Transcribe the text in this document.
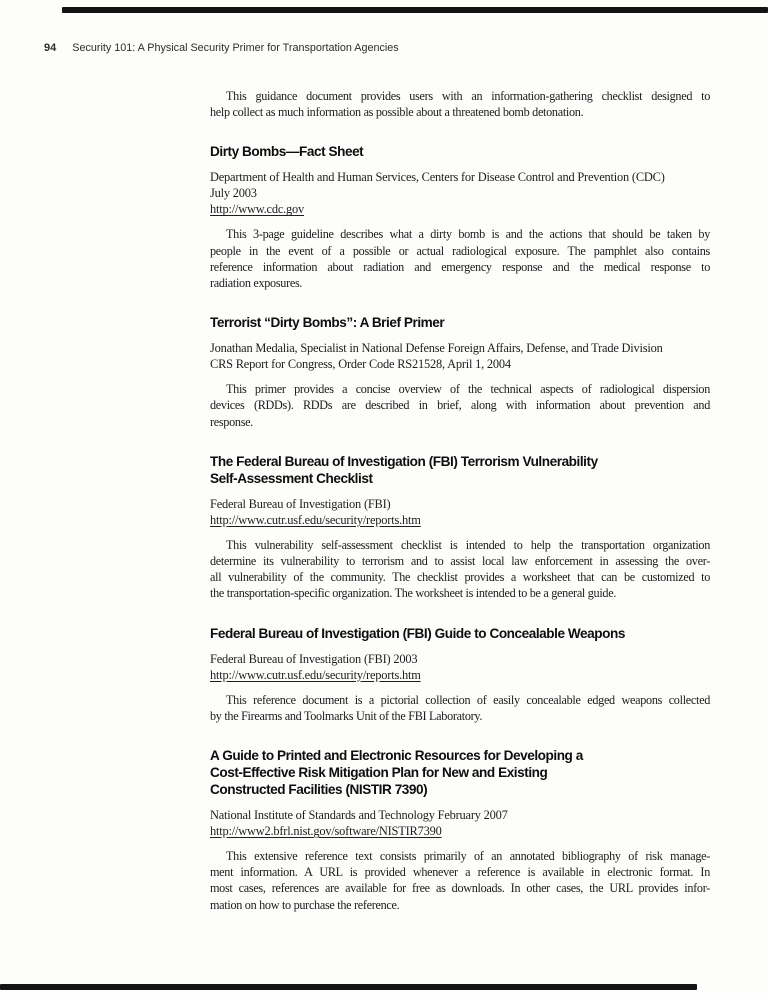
94 Security 101: A Physical Security Primer for Transportation Agencies
This guidance document provides users with an information-gathering checklist designed to
help collect as much information as possible about a threatened bomb detonation.
Dirty Bombs—Fact Sheet
Department of Health and Human Services, Centers for Disease Control and Prevention (CDC)
July 2003
http://www.cdc.gov
This 3-page guideline describes what a dirty bomb is and the actions that should be taken by
people in the event of a possible or actual radiological exposure. The pamphlet also contains
reference information about radiation and emergency response and the medical response to
radiation exposures.
Terrorist “Dirty Bombs”: A Brief Primer
Jonathan Medalia, Specialist in National Defense Foreign Affairs, Defense, and Trade Division
CRS Report for Congress, Order Code RS21528, April 1, 2004
This primer provides a concise overview of the technical aspects of radiological dispersion
devices (RDDs). RDDs are described in brief, along with information about prevention and
response.
The Federal Bureau of Investigation (FBI) Terrorism Vulnerability
Self-Assessment Checklist
Federal Bureau of Investigation (FBI)
http://www.cutr.usf.edu/security/reports.htm
This vulnerability self-assessment checklist is intended to help the transportation organization
determine its vulnerability to terrorism and to assist local law enforcement in assessing the over-
all vulnerability of the community. The checklist provides a worksheet that can be customized to
the transportation-specific organization. The worksheet is intended to be a general guide.
Federal Bureau of Investigation (FBI) Guide to Concealable Weapons
Federal Bureau of Investigation (FBI) 2003
http://www.cutr.usf.edu/security/reports.htm
This reference document is a pictorial collection of easily concealable edged weapons collected
by the Firearms and Toolmarks Unit of the FBI Laboratory.
A Guide to Printed and Electronic Resources for Developing a
Cost-Effective Risk Mitigation Plan for New and Existing
Constructed Facilities (NISTIR 7390)
National Institute of Standards and Technology February 2007
http://www2.bfrl.nist.gov/software/NISTIR7390
This extensive reference text consists primarily of an annotated bibliography of risk manage-
ment information. A URL is provided whenever a reference is available in electronic format. In
most cases, references are available for free as downloads. In other cases, the URL provides infor-
mation on how to purchase the reference.
